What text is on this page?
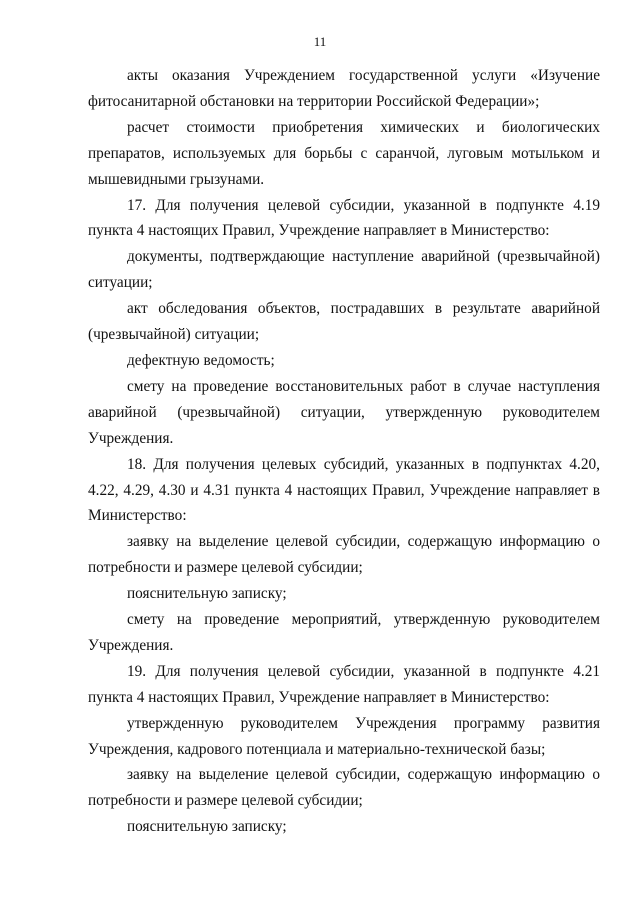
11

акты оказания Учреждением государственной услуги «Изучение фитосанитарной обстановки на территории Российской Федерации»;

расчет стоимости приобретения химических и биологических препаратов, используемых для борьбы с саранчой, луговым мотыльком и мышевидными грызунами.

17. Для получения целевой субсидии, указанной в подпункте 4.19 пункта 4 настоящих Правил, Учреждение направляет в Министерство:

документы, подтверждающие наступление аварийной (чрезвычайной) ситуации;

акт обследования объектов, пострадавших в результате аварийной (чрезвычайной) ситуации;

дефектную ведомость;

смету на проведение восстановительных работ в случае наступления аварийной (чрезвычайной) ситуации, утвержденную руководителем Учреждения.

18. Для получения целевых субсидий, указанных в подпунктах 4.20, 4.22, 4.29, 4.30 и 4.31 пункта 4 настоящих Правил, Учреждение направляет в Министерство:

заявку на выделение целевой субсидии, содержащую информацию о потребности и размере целевой субсидии;

пояснительную записку;

смету на проведение мероприятий, утвержденную руководителем Учреждения.

19. Для получения целевой субсидии, указанной в подпункте 4.21 пункта 4 настоящих Правил, Учреждение направляет в Министерство:

утвержденную руководителем Учреждения программу развития Учреждения, кадрового потенциала и материально-технической базы;

заявку на выделение целевой субсидии, содержащую информацию о потребности и размере целевой субсидии;

пояснительную записку;
